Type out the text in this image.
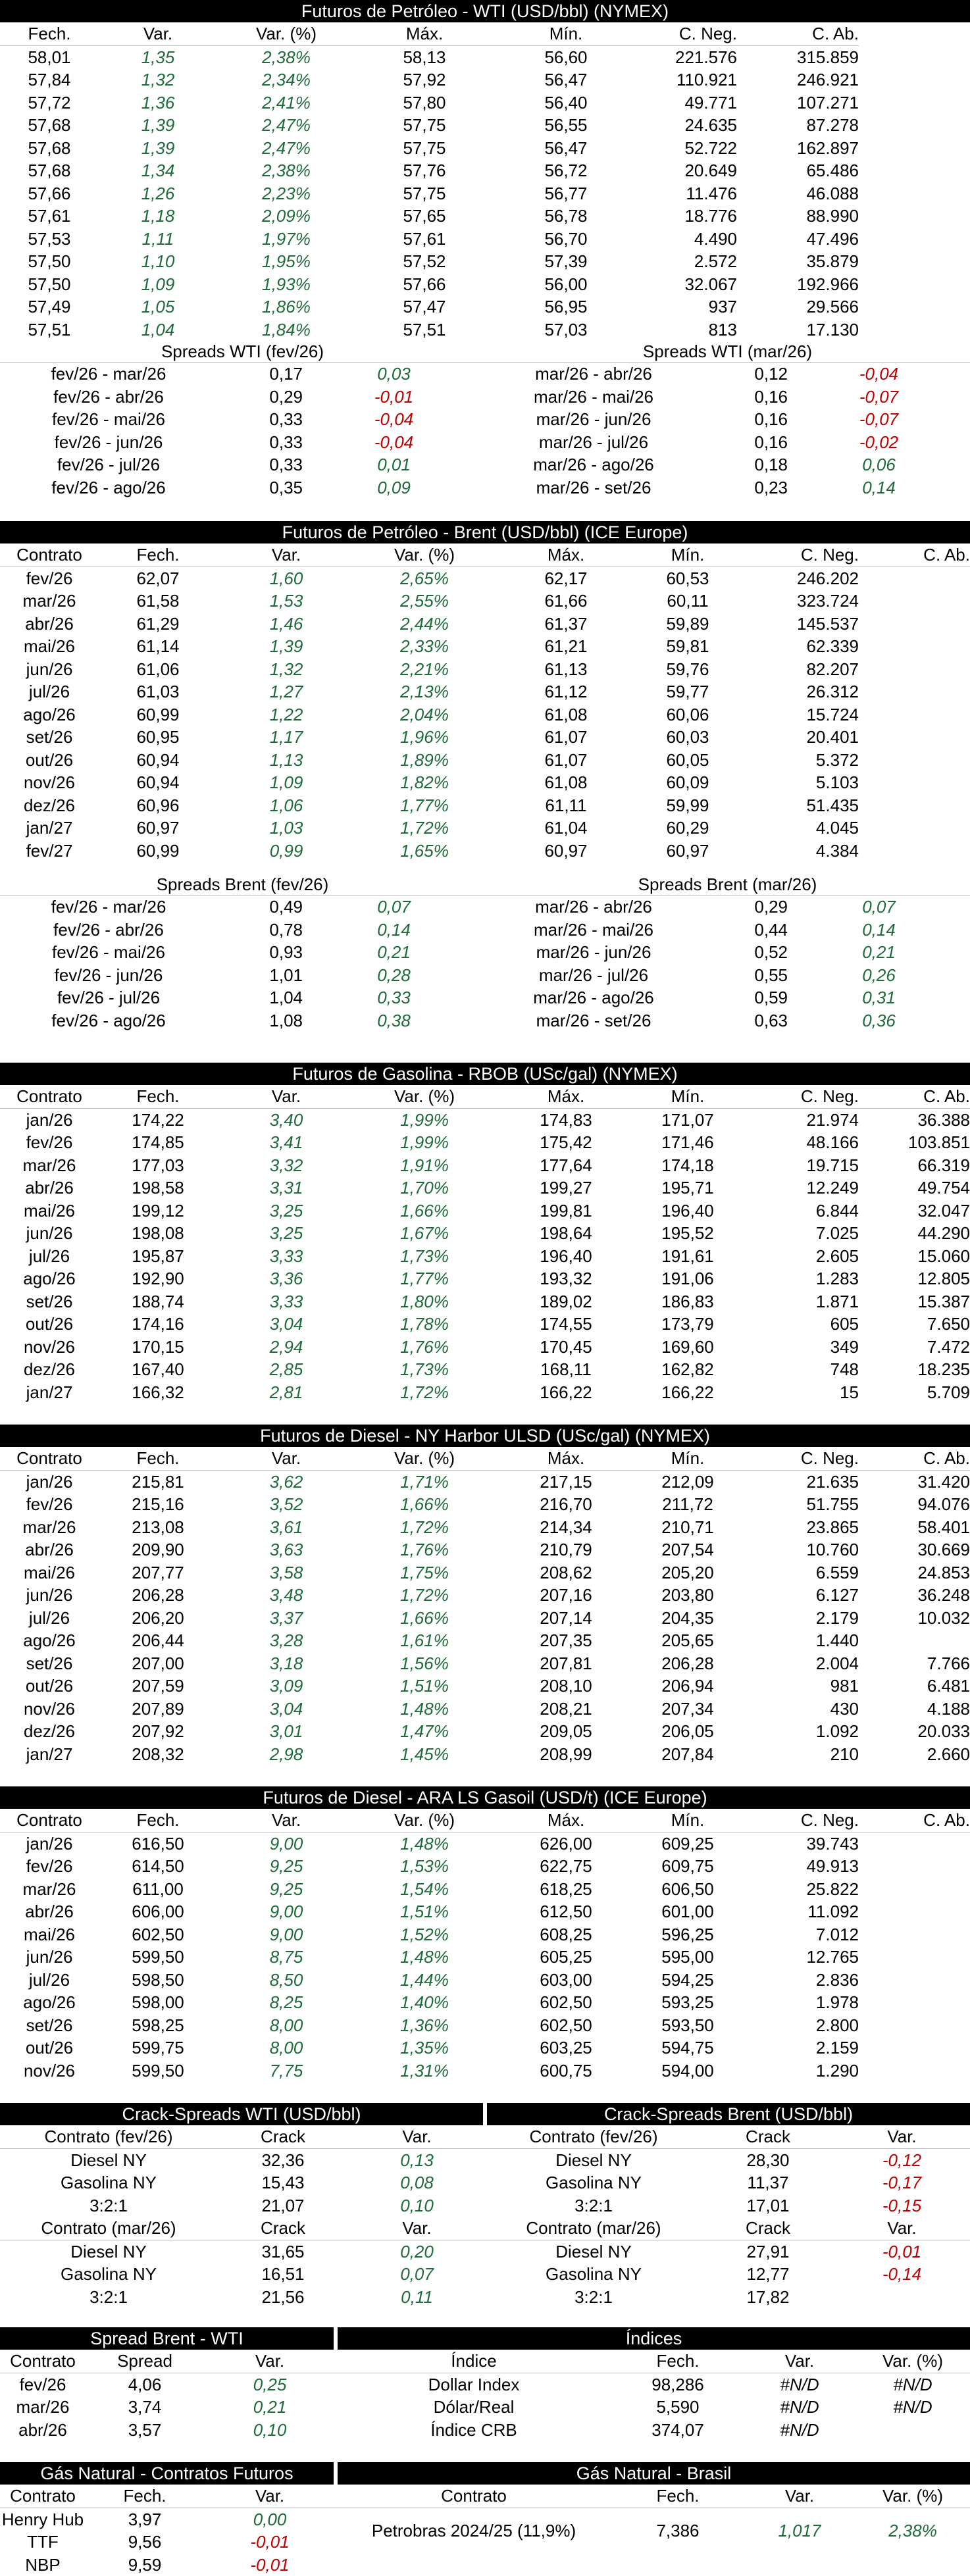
Futuros de Petróleo - WTI (USD/bbl) (NYMEX)
	Fech.	Var.	Var. (%)	Máx.	Mín.	C. Neg.	C. Ab.
	58,01	1,35	2,38%	58,13	56,60	221.576	315.859
	57,84	1,32	2,34%	57,92	56,47	110.921	246.921
	57,72	1,36	2,41%	57,80	56,40	49.771	107.271
	57,68	1,39	2,47%	57,75	56,55	24.635	87.278
	57,68	1,39	2,47%	57,75	56,47	52.722	162.897
	57,68	1,34	2,38%	57,76	56,72	20.649	65.486
	57,66	1,26	2,23%	57,75	56,77	11.476	46.088
	57,61	1,18	2,09%	57,65	56,78	18.776	88.990
	57,53	1,11	1,97%	57,61	56,70	4.490	47.496
	57,50	1,10	1,95%	57,52	57,39	2.572	35.879
	57,50	1,09	1,93%	57,66	56,00	32.067	192.966
	57,49	1,05	1,86%	57,47	56,95	937	29.566
	57,51	1,04	1,84%	57,51	57,03	813	17.130
Spreads WTI (fev/26)
fev/26 - mar/26	0,17	0,03
fev/26 - abr/26	0,29	-0,01
fev/26 - mai/26	0,33	-0,04
fev/26 - jun/26	0,33	-0,04
fev/26 - jul/26	0,33	0,01
fev/26 - ago/26	0,35	0,09
Spreads WTI (mar/26)
mar/26 - abr/26	0,12	-0,04
mar/26 - mai/26	0,16	-0,07
mar/26 - jun/26	0,16	-0,07
mar/26 - jul/26	0,16	-0,02
mar/26 - ago/26	0,18	0,06
mar/26 - set/26	0,23	0,14
Futuros de Petróleo - Brent (USD/bbl) (ICE Europe)
Contrato	Fech.	Var.	Var. (%)	Máx.	Mín.	C. Neg.	C. Ab.
fev/26	62,07	1,60	2,65%	62,17	60,53	246.202	
mar/26	61,58	1,53	2,55%	61,66	60,11	323.724	
abr/26	61,29	1,46	2,44%	61,37	59,89	145.537	
mai/26	61,14	1,39	2,33%	61,21	59,81	62.339	
jun/26	61,06	1,32	2,21%	61,13	59,76	82.207	
jul/26	61,03	1,27	2,13%	61,12	59,77	26.312	
ago/26	60,99	1,22	2,04%	61,08	60,06	15.724	
set/26	60,95	1,17	1,96%	61,07	60,03	20.401	
out/26	60,94	1,13	1,89%	61,07	60,05	5.372	
nov/26	60,94	1,09	1,82%	61,08	60,09	5.103	
dez/26	60,96	1,06	1,77%	61,11	59,99	51.435	
jan/27	60,97	1,03	1,72%	61,04	60,29	4.045	
fev/27	60,99	0,99	1,65%	60,97	60,97	4.384	
Spreads Brent (fev/26)
fev/26 - mar/26	0,49	0,07
fev/26 - abr/26	0,78	0,14
fev/26 - mai/26	0,93	0,21
fev/26 - jun/26	1,01	0,28
fev/26 - jul/26	1,04	0,33
fev/26 - ago/26	1,08	0,38
Spreads Brent (mar/26)
mar/26 - abr/26	0,29	0,07
mar/26 - mai/26	0,44	0,14
mar/26 - jun/26	0,52	0,21
mar/26 - jul/26	0,55	0,26
mar/26 - ago/26	0,59	0,31
mar/26 - set/26	0,63	0,36
Futuros de Gasolina - RBOB (USc/gal) (NYMEX)
Contrato	Fech.	Var.	Var. (%)	Máx.	Mín.	C. Neg.	C. Ab.
jan/26	174,22	3,40	1,99%	174,83	171,07	21.974	36.388
fev/26	174,85	3,41	1,99%	175,42	171,46	48.166	103.851
mar/26	177,03	3,32	1,91%	177,64	174,18	19.715	66.319
abr/26	198,58	3,31	1,70%	199,27	195,71	12.249	49.754
mai/26	199,12	3,25	1,66%	199,81	196,40	6.844	32.047
jun/26	198,08	3,25	1,67%	198,64	195,52	7.025	44.290
jul/26	195,87	3,33	1,73%	196,40	191,61	2.605	15.060
ago/26	192,90	3,36	1,77%	193,32	191,06	1.283	12.805
set/26	188,74	3,33	1,80%	189,02	186,83	1.871	15.387
out/26	174,16	3,04	1,78%	174,55	173,79	605	7.650
nov/26	170,15	2,94	1,76%	170,45	169,60	349	7.472
dez/26	167,40	2,85	1,73%	168,11	162,82	748	18.235
jan/27	166,32	2,81	1,72%	166,22	166,22	15	5.709
Futuros de Diesel - NY Harbor ULSD (USc/gal) (NYMEX)
Contrato	Fech.	Var.	Var. (%)	Máx.	Mín.	C. Neg.	C. Ab.
jan/26	215,81	3,62	1,71%	217,15	212,09	21.635	31.420
fev/26	215,16	3,52	1,66%	216,70	211,72	51.755	94.076
mar/26	213,08	3,61	1,72%	214,34	210,71	23.865	58.401
abr/26	209,90	3,63	1,76%	210,79	207,54	10.760	30.669
mai/26	207,77	3,58	1,75%	208,62	205,20	6.559	24.853
jun/26	206,28	3,48	1,72%	207,16	203,80	6.127	36.248
jul/26	206,20	3,37	1,66%	207,14	204,35	2.179	10.032
ago/26	206,44	3,28	1,61%	207,35	205,65	1.440	
set/26	207,00	3,18	1,56%	207,81	206,28	2.004	7.766
out/26	207,59	3,09	1,51%	208,10	206,94	981	6.481
nov/26	207,89	3,04	1,48%	208,21	207,34	430	4.188
dez/26	207,92	3,01	1,47%	209,05	206,05	1.092	20.033
jan/27	208,32	2,98	1,45%	208,99	207,84	210	2.660
Futuros de Diesel - ARA LS Gasoil (USD/t) (ICE Europe)
Contrato	Fech.	Var.	Var. (%)	Máx.	Mín.	C. Neg.	C. Ab.
jan/26	616,50	9,00	1,48%	626,00	609,25	39.743	
fev/26	614,50	9,25	1,53%	622,75	609,75	49.913	
mar/26	611,00	9,25	1,54%	618,25	606,50	25.822	
abr/26	606,00	9,00	1,51%	612,50	601,00	11.092	
mai/26	602,50	9,00	1,52%	608,25	596,25	7.012	
jun/26	599,50	8,75	1,48%	605,25	595,00	12.765	
jul/26	598,50	8,50	1,44%	603,00	594,25	2.836	
ago/26	598,00	8,25	1,40%	602,50	593,25	1.978	
set/26	598,25	8,00	1,36%	602,50	593,50	2.800	
out/26	599,75	8,00	1,35%	603,25	594,75	2.159	
nov/26	599,50	7,75	1,31%	600,75	594,00	1.290	
Crack-Spreads WTI (USD/bbl)
Contrato (fev/26)	Crack	Var.
Diesel NY	32,36	0,13
Gasolina NY	15,43	0,08
3:2:1	21,07	0,10
Contrato (mar/26)	Crack	Var.
Diesel NY	31,65	0,20
Gasolina NY	16,51	0,07
3:2:1	21,56	0,11
Crack-Spreads Brent (USD/bbl)
Contrato (fev/26)	Crack	Var.
Diesel NY	28,30	-0,12
Gasolina NY	11,37	-0,17
3:2:1	17,01	-0,15
Contrato (mar/26)	Crack	Var.
Diesel NY	27,91	-0,01
Gasolina NY	12,77	-0,14
3:2:1	17,82	
Spread Brent - WTI
Contrato	Spread	Var.
fev/26	4,06	0,25
mar/26	3,74	0,21
abr/26	3,57	0,10
Índices
Índice	Fech.	Var.	Var. (%)
Dollar Index	98,286	#N/D	#N/D
Dólar/Real	5,590	#N/D	#N/D
Índice CRB	374,07	#N/D	
Gás Natural - Contratos Futuros
Contrato	Fech.	Var.
Henry Hub	3,97	0,00
TTF	9,56	-0,01
NBP	9,59	-0,01
Gás Natural - Brasil
Contrato	Fech.	Var.	Var. (%)
Petrobras 2024/25 (11,9%)	7,386	1,017	2,38%
